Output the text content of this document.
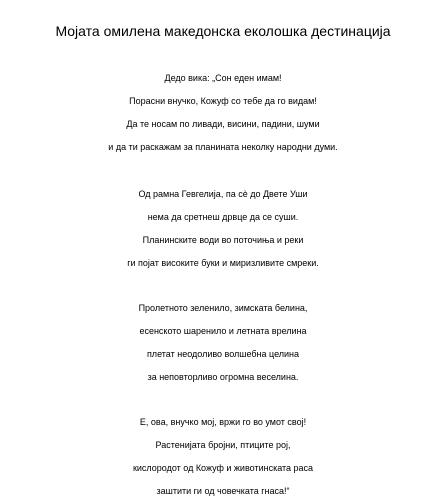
Мојата омилена македонска еколошка дестинација
Дедо вика: „Сон еден имам!
Порасни внучко, Кожуф со тебе да го видам!
Да те носам по ливади, висини, падини, шуми
и да ти раскажам за планината неколку народни думи.
Од рамна Гевгелија, па сè до Двете Уши
нема да сретнеш дрвце да се суши.
Планинските води во поточиња и реки
ги појат високите буки и миризливите смреки.
Пролетното зеленило, зимската белина,
есенското шаренило и летната врелина
плетат неодоливо волшебна целина
за неповторливо огромна веселина.
Е, ова, внучко мој, вржи го во умот свој!
Растенијата бројни, птиците рој,
кислородот од Кожуф и животинската раса
заштити ги од човечката гнаса!“
